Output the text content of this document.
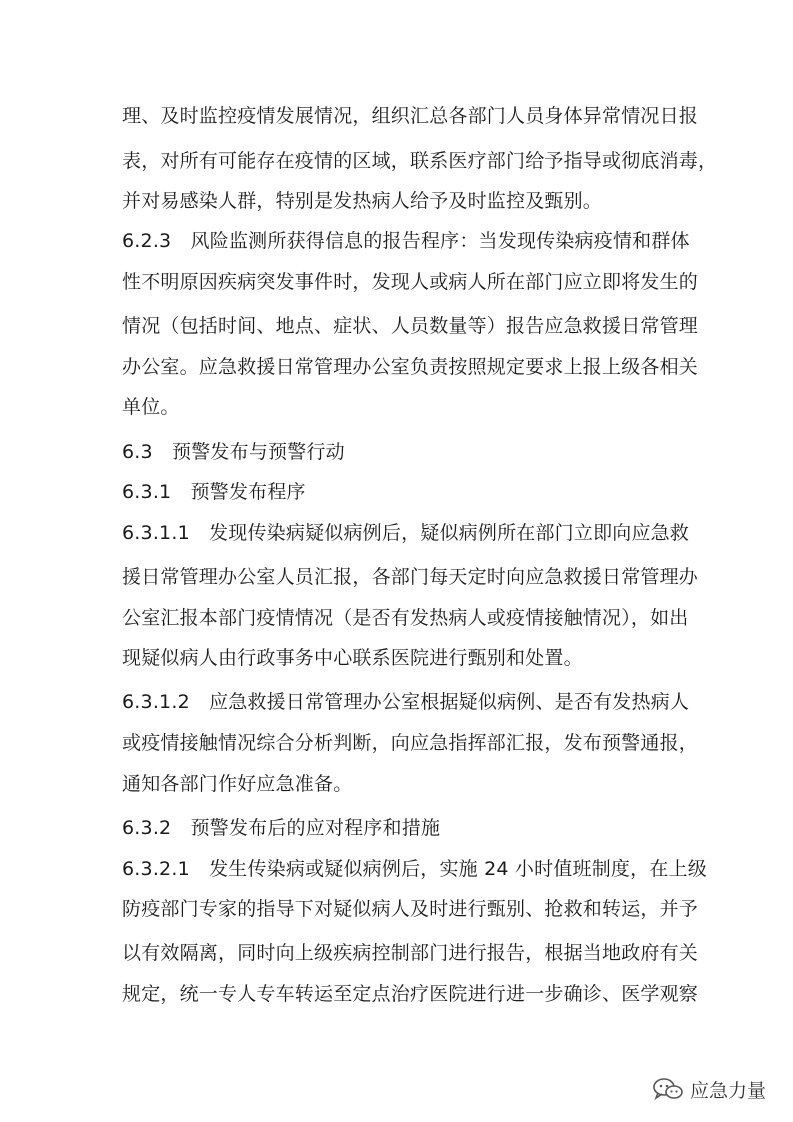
理、及时监控疫情发展情况，组织汇总各部门人员身体异常情况日报
表，对所有可能存在疫情的区域，联系医疗部门给予指导或彻底消毒，
并对易感染人群，特别是发热病人给予及时监控及甄别。
6.2.3　风险监测所获得信息的报告程序：当发现传染病疫情和群体
性不明原因疾病突发事件时，发现人或病人所在部门应立即将发生的
情况（包括时间、地点、症状、人员数量等）报告应急救援日常管理
办公室。应急救援日常管理办公室负责按照规定要求上报上级各相关
单位。
6.3　预警发布与预警行动
6.3.1　预警发布程序
6.3.1.1　发现传染病疑似病例后，疑似病例所在部门立即向应急救
援日常管理办公室人员汇报，各部门每天定时向应急救援日常管理办
公室汇报本部门疫情情况（是否有发热病人或疫情接触情况），如出
现疑似病人由行政事务中心联系医院进行甄别和处置。
6.3.1.2　应急救援日常管理办公室根据疑似病例、是否有发热病人
或疫情接触情况综合分析判断，向应急指挥部汇报，发布预警通报，
通知各部门作好应急准备。
6.3.2　预警发布后的应对程序和措施
6.3.2.1　发生传染病或疑似病例后，实施 24 小时值班制度，在上级
防疫部门专家的指导下对疑似病人及时进行甄别、抢救和转运，并予
以有效隔离，同时向上级疾病控制部门进行报告，根据当地政府有关
规定，统一专人专车转运至定点治疗医院进行进一步确诊、医学观察
应急力量
